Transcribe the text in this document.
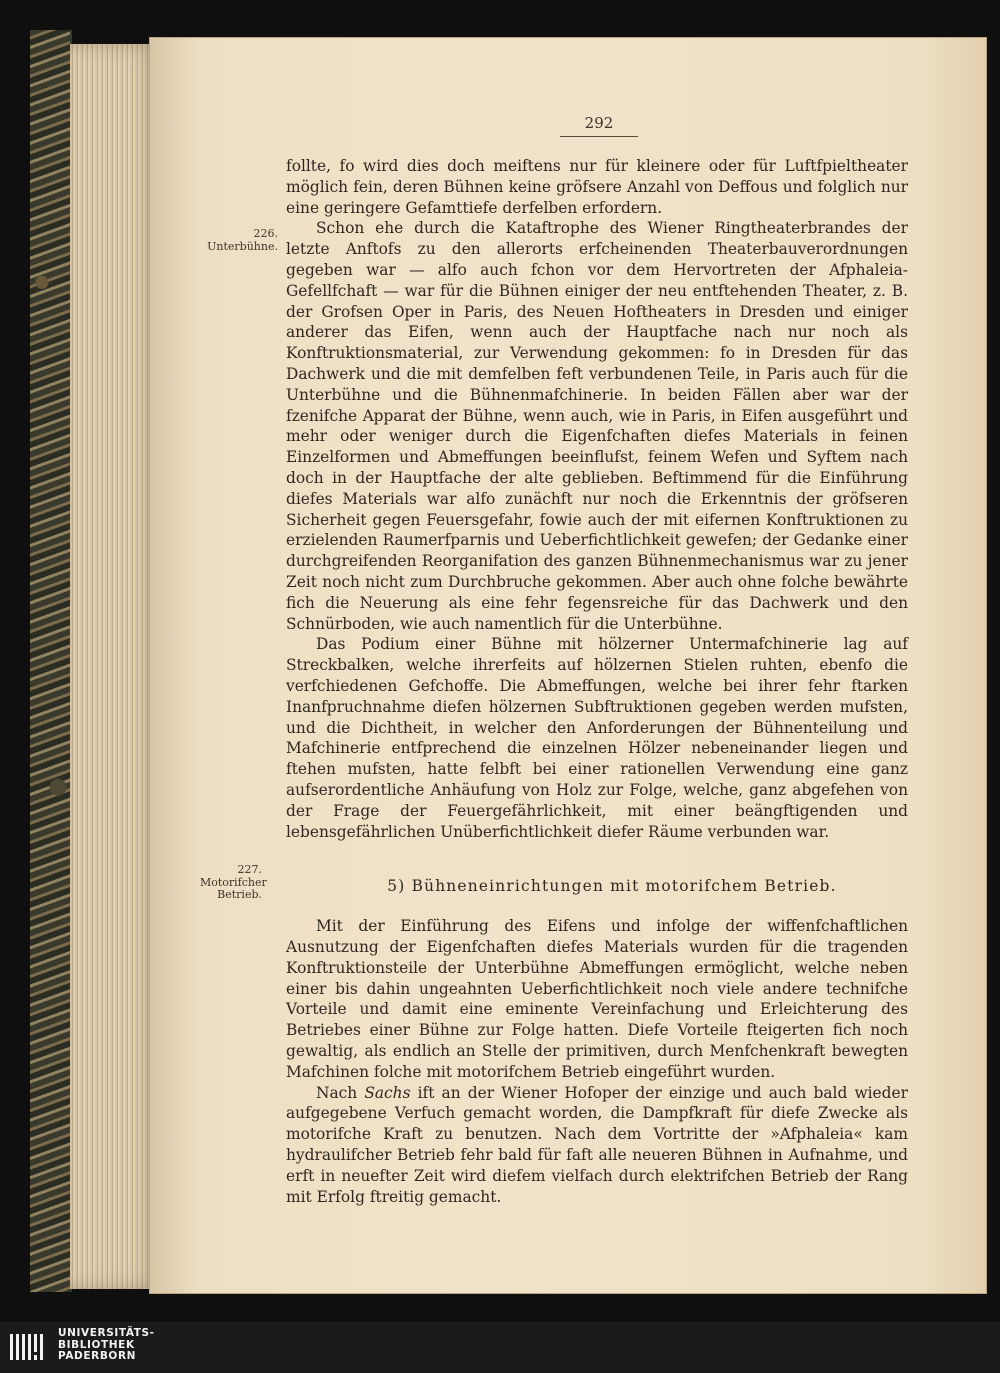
292
226.
Unterbühne.
227.
Motorifcher
Betrieb.

follte, fo wird dies doch meiftens nur für kleinere oder für Luftfpieltheater möglich fein, deren Bühnen keine gröfsere Anzahl von Deffous und folglich nur eine geringere Gefamttiefe derfelben erfordern.

Schon ehe durch die Kataftrophe des Wiener Ringtheaterbrandes der letzte Anftofs zu den allerorts erfcheinenden Theaterbauverordnungen gegeben war — alfo auch fchon vor dem Hervortreten der Afphaleia-Gefellfchaft — war für die Bühnen einiger der neu entftehenden Theater, z. B. der Grofsen Oper in Paris, des Neuen Hoftheaters in Dresden und einiger anderer das Eifen, wenn auch der Hauptfache nach nur noch als Konftruktionsmaterial, zur Verwendung gekommen: fo in Dresden für das Dachwerk und die mit demfelben feft verbundenen Teile, in Paris auch für die Unterbühne und die Bühnenmafchinerie. In beiden Fällen aber war der fzenifche Apparat der Bühne, wenn auch, wie in Paris, in Eifen ausgeführt und mehr oder weniger durch die Eigenfchaften diefes Materials in feinen Einzelformen und Abmeffungen beeinflufst, feinem Wefen und Syftem nach doch in der Hauptfache der alte geblieben. Beftimmend für die Einführung diefes Materials war alfo zunächft nur noch die Erkenntnis der gröfseren Sicherheit gegen Feuersgefahr, fowie auch der mit eifernen Konftruktionen zu erzielenden Raumerfparnis und Ueberfichtlichkeit gewefen; der Gedanke einer durchgreifenden Reorganifation des ganzen Bühnenmechanismus war zu jener Zeit noch nicht zum Durchbruche gekommen. Aber auch ohne folche bewährte fich die Neuerung als eine fehr fegensreiche für das Dachwerk und den Schnürboden, wie auch namentlich für die Unterbühne.

Das Podium einer Bühne mit hölzerner Untermafchinerie lag auf Streckbalken, welche ihrerfeits auf hölzernen Stielen ruhten, ebenfo die verfchiedenen Gefchoffe. Die Abmeffungen, welche bei ihrer fehr ftarken Inanfpruchnahme diefen hölzernen Subftruktionen gegeben werden mufsten, und die Dichtheit, in welcher den Anforderungen der Bühnenteilung und Mafchinerie entfprechend die einzelnen Hölzer nebeneinander liegen und ftehen mufsten, hatte felbft bei einer rationellen Verwendung eine ganz aufserordentliche Anhäufung von Holz zur Folge, welche, ganz abgefehen von der Frage der Feuergefährlichkeit, mit einer beängftigenden und lebensgefährlichen Unüberfichtlichkeit diefer Räume verbunden war.

5) Bühneneinrichtungen mit motorifchem Betrieb.

Mit der Einführung des Eifens und infolge der wiffenfchaftlichen Ausnutzung der Eigenfchaften diefes Materials wurden für die tragenden Konftruktionsteile der Unterbühne Abmeffungen ermöglicht, welche neben einer bis dahin ungeahnten Ueberfichtlichkeit noch viele andere technifche Vorteile und damit eine eminente Vereinfachung und Erleichterung des Betriebes einer Bühne zur Folge hatten. Diefe Vorteile fteigerten fich noch gewaltig, als endlich an Stelle der primitiven, durch Menfchenkraft bewegten Mafchinen folche mit motorifchem Betrieb eingeführt wurden.

Nach Sachs ift an der Wiener Hofoper der einzige und auch bald wieder aufgegebene Verfuch gemacht worden, die Dampfkraft für diefe Zwecke als motorifche Kraft zu benutzen. Nach dem Vortritte der »Afphaleia« kam hydraulifcher Betrieb fehr bald für faft alle neueren Bühnen in Aufnahme, und erft in neuefter Zeit wird diefem vielfach durch elektrifchen Betrieb der Rang mit Erfolg ftreitig gemacht.

UNIVERSITÄTS-
BIBLIOTHEK
PADERBORN
